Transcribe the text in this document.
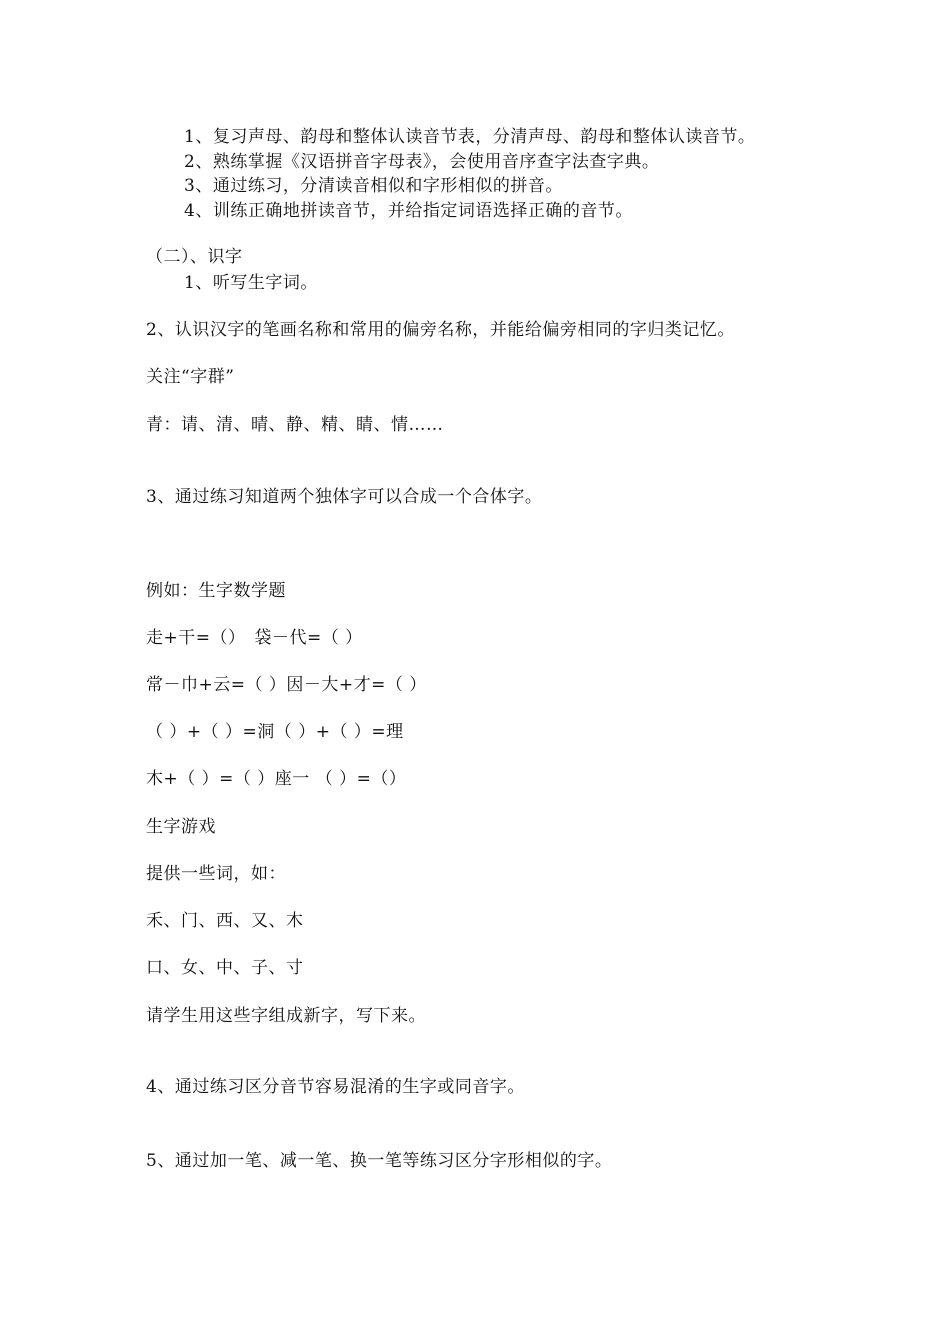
1、复习声母、韵母和整体认读音节表，分清声母、韵母和整体认读音节。
2、熟练掌握《汉语拼音字母表》，会使用音序查字法查字典。
3、通过练习，分清读音相似和字形相似的拼音。
4、训练正确地拼读音节，并给指定词语选择正确的音节。
（二）、识字
1、听写生字词。
2、认识汉字的笔画名称和常用的偏旁名称，并能给偏旁相同的字归类记忆。
关注“字群”
青：请、清、晴、静、精、睛、情……
3、通过练习知道两个独体字可以合成一个合体字。
例如：生字数学题
走+干=（）　袋－代=（ ）
常－巾+云=（ ）因－大+才=（ ）
（ ）+（ ）=洞（ ）+（ ）=理
木+（ ）=（ ）座一 （ ）=（）
生字游戏
提供一些词，如：
禾、门、西、又、木
口、女、中、子、寸
请学生用这些字组成新字，写下来。
4、通过练习区分音节容易混淆的生字或同音字。
5、通过加一笔、减一笔、换一笔等练习区分字形相似的字。
